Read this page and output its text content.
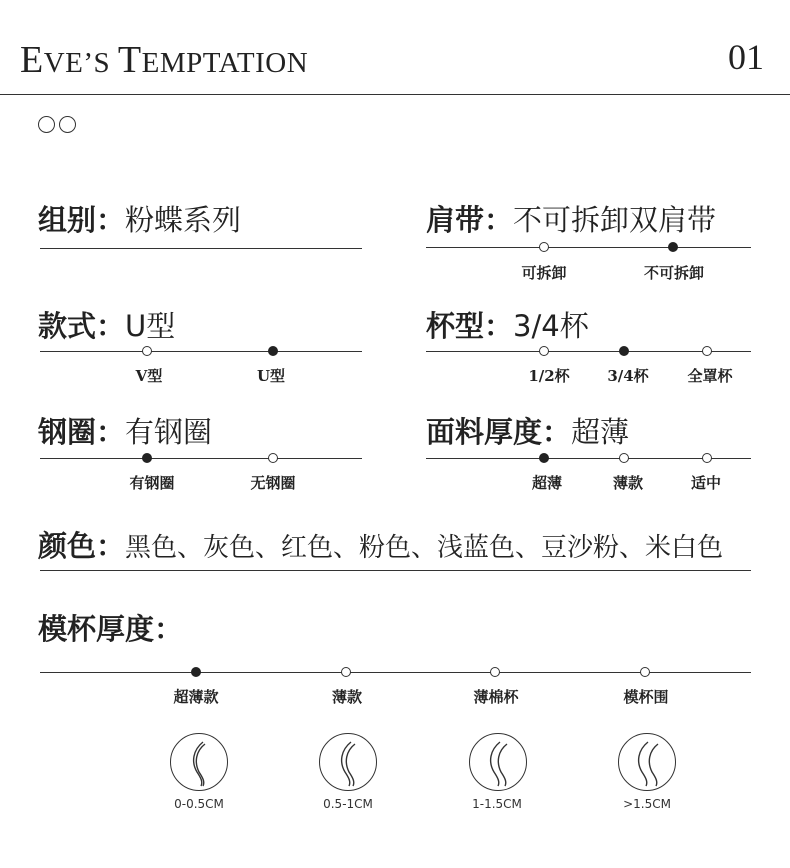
EVE’S TEMPTATION	01
组别：粉蝶系列	肩带：不可拆卸双肩带
可拆卸	不可拆卸
款式：U型
V型	U型
杯型：3/4杯
1/2杯	3/4杯	全罩杯
钢圈：有钢圈
有钢圈	无钢圈
面料厚度：超薄
超薄	薄款	适中
颜色：黑色、灰色、红色、粉色、浅蓝色、豆沙粉、米白色
模杯厚度：
超薄款	薄款	薄棉杯	模杯围
0-0.5CM	0.5-1CM	1-1.5CM	>1.5CM
